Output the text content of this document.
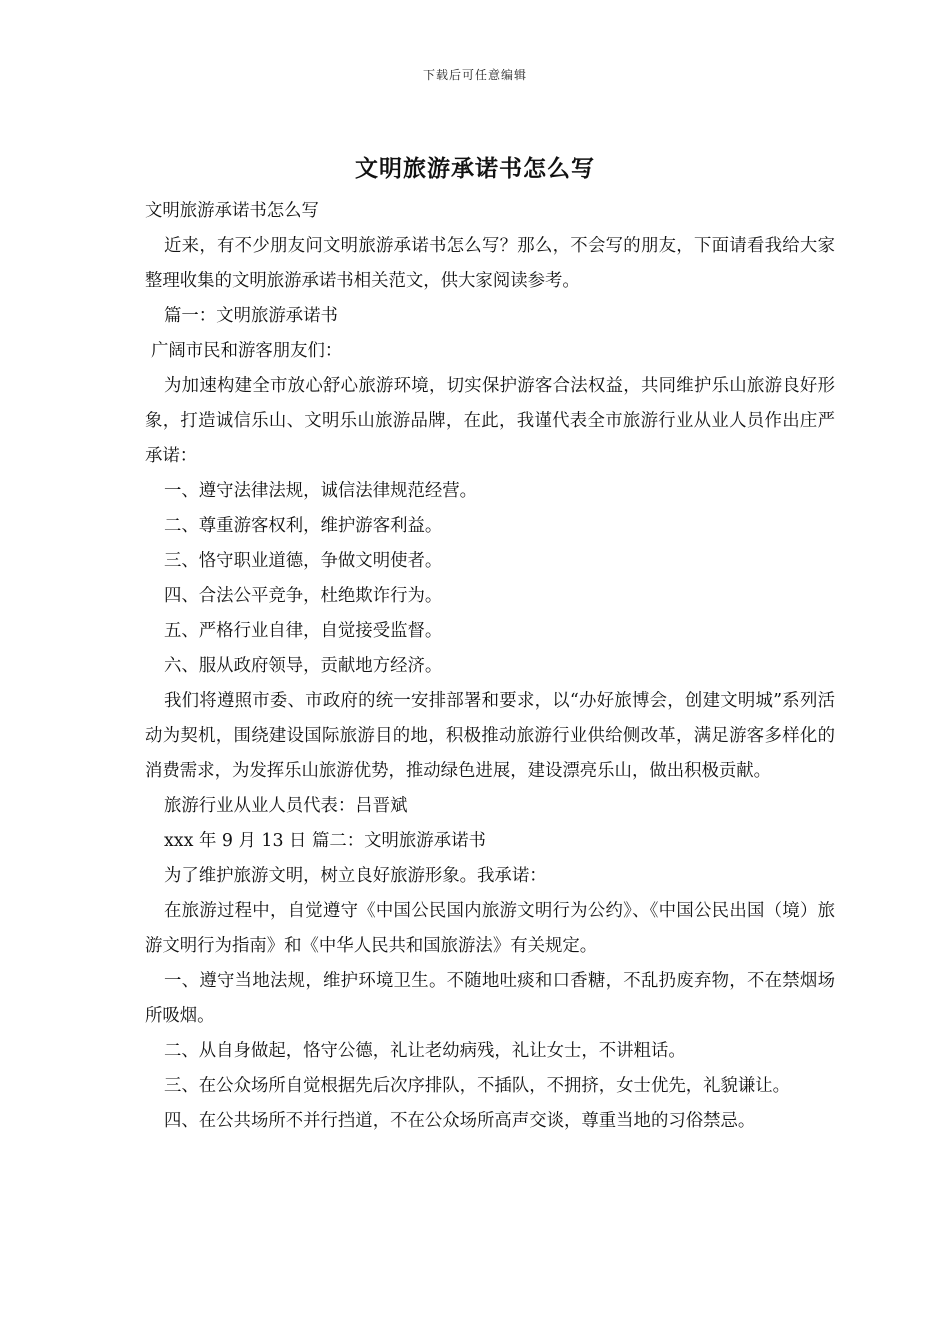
下载后可任意编辑
文明旅游承诺书怎么写

文明旅游承诺书怎么写

近来，有不少朋友问文明旅游承诺书怎么写？那么，不会写的朋友，下面请看我给大家整理收集的文明旅游承诺书相关范文，供大家阅读参考。

篇一：文明旅游承诺书

广阔市民和游客朋友们：

为加速构建全市放心舒心旅游环境，切实保护游客合法权益，共同维护乐山旅游良好形象，打造诚信乐山、文明乐山旅游品牌，在此，我谨代表全市旅游行业从业人员作出庄严承诺：

一、遵守法律法规，诚信法律规范经营。

二、尊重游客权利，维护游客利益。

三、恪守职业道德，争做文明使者。

四、合法公平竞争，杜绝欺诈行为。

五、严格行业自律，自觉接受监督。

六、服从政府领导，贡献地方经济。

我们将遵照市委、市政府的统一安排部署和要求，以“办好旅博会，创建文明城”系列活动为契机，围绕建设国际旅游目的地，积极推动旅游行业供给侧改革，满足游客多样化的消费需求，为发挥乐山旅游优势，推动绿色进展，建设漂亮乐山，做出积极贡献。

旅游行业从业人员代表：吕晋斌

xxx 年 9 月 13 日 篇二：文明旅游承诺书

为了维护旅游文明，树立良好旅游形象。我承诺：

在旅游过程中，自觉遵守《中国公民国内旅游文明行为公约》、《中国公民出国（境）旅游文明行为指南》和《中华人民共和国旅游法》有关规定。

一、遵守当地法规，维护环境卫生。不随地吐痰和口香糖，不乱扔废弃物，不在禁烟场所吸烟。

二、从自身做起，恪守公德，礼让老幼病残，礼让女士，不讲粗话。

三、在公众场所自觉根据先后次序排队，不插队，不拥挤，女士优先，礼貌谦让。

四、在公共场所不并行挡道，不在公众场所高声交谈，尊重当地的习俗禁忌。
